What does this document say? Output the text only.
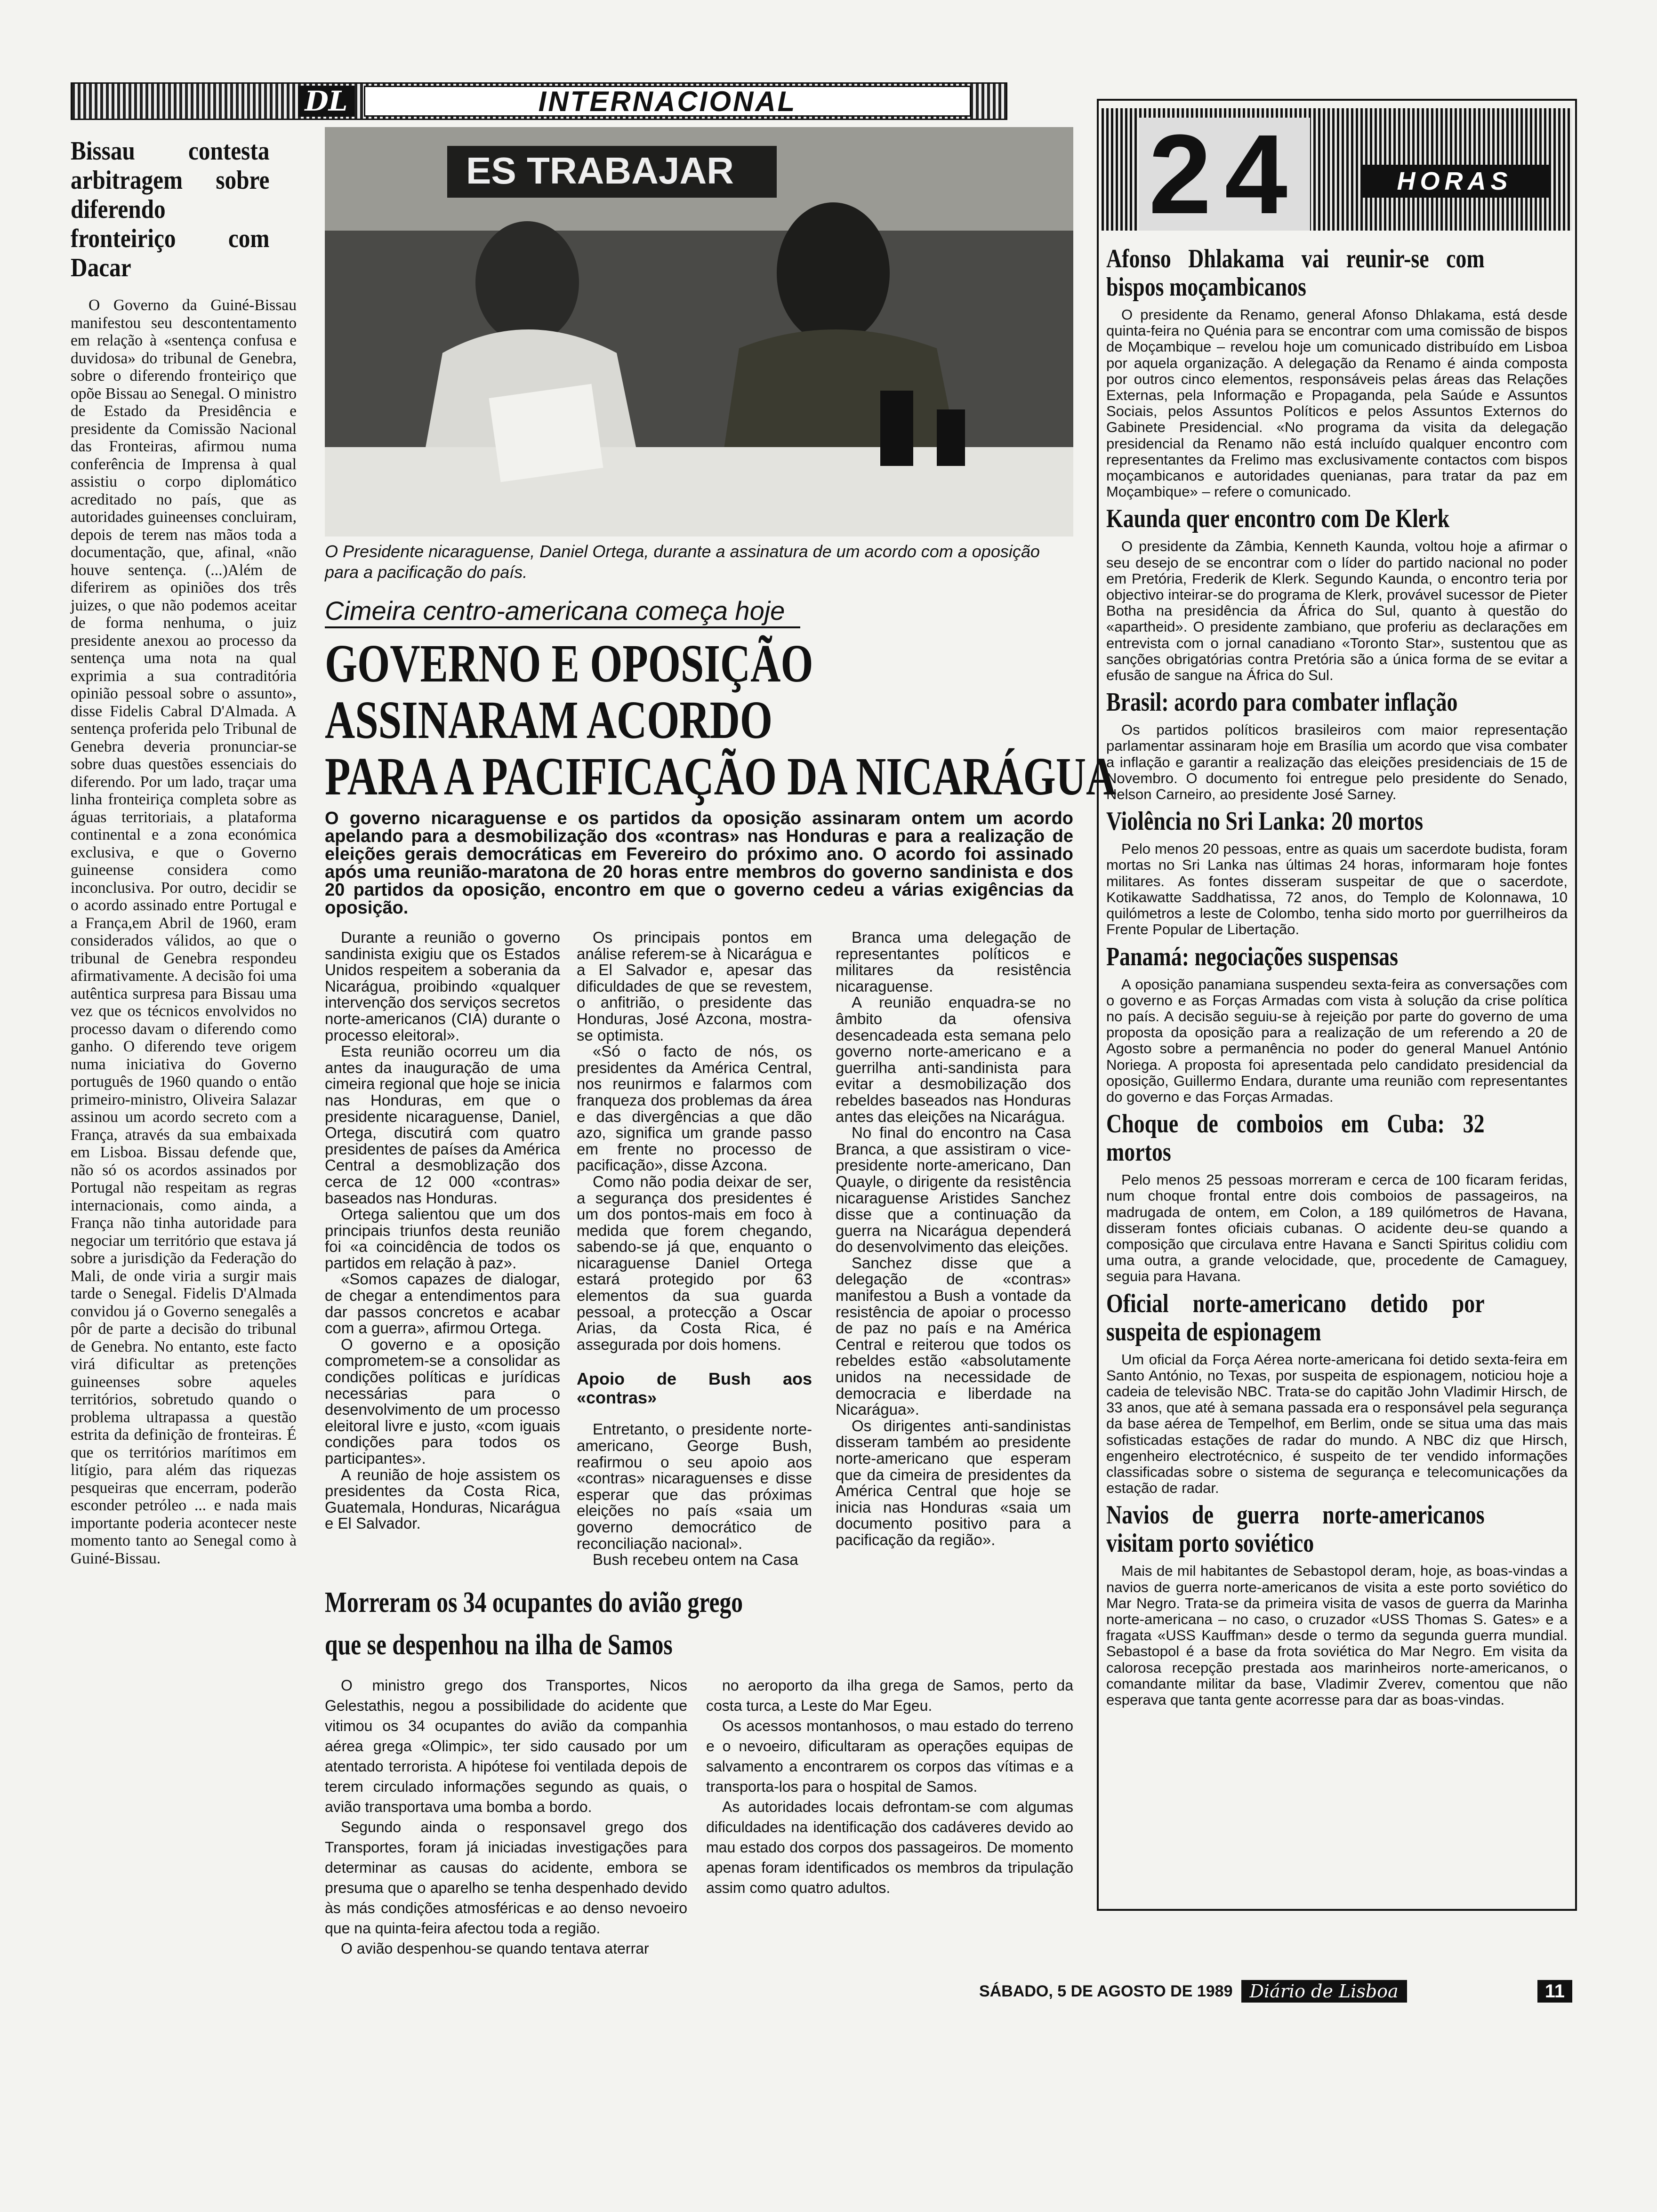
DL	INTERNACIONAL
Bissau contesta arbitragem sobre diferendo fronteiriço com Dacar

O Governo da Guiné-Bissau manifestou seu descontentamento em relação à «sentença confusa e duvidosa» do tribunal de Genebra, sobre o diferendo fronteiriço que opõe Bissau ao Senegal. O ministro de Estado da Presidência e presidente da Comissão Nacional das Fronteiras, afirmou numa conferência de Imprensa à qual assistiu o corpo diplomático acreditado no país, que as autoridades guineenses concluiram, depois de terem nas mãos toda a documentação, que, afinal, «não houve sentença. (...)Além de diferirem as opiniões dos três juizes, o que não podemos aceitar de forma nenhuma, o juiz presidente anexou ao processo da sentença uma nota na qual exprimia a sua contraditória opinião pessoal sobre o assunto», disse Fidelis Cabral D'Almada. A sentença proferida pelo Tribunal de Genebra deveria pronunciar-se sobre duas questões essenciais do diferendo. Por um lado, traçar uma linha fronteiriça completa sobre as águas territoriais, a plataforma continental e a zona económica exclusiva, e que o Governo guineense considera como inconclusiva. Por outro, decidir se o acordo assinado entre Portugal e a França,em Abril de 1960, eram considerados válidos, ao que o tribunal de Genebra respondeu afirmativamente. A decisão foi uma autêntica surpresa para Bissau uma vez que os técnicos envolvidos no processo davam o diferendo como ganho. O diferendo teve origem numa iniciativa do Governo português de 1960 quando o então primeiro-ministro, Oliveira Salazar assinou um acordo secreto com a França, através da sua embaixada em Lisboa. Bissau defende que, não só os acordos assinados por Portugal não respeitam as regras internacionais, como ainda, a França não tinha autoridade para negociar um território que estava já sobre a jurisdição da Federação do Mali, de onde viria a surgir mais tarde o Senegal. Fidelis D'Almada convidou já o Governo senegalês a pôr de parte a decisão do tribunal de Genebra. No entanto, este facto virá dificultar as pretenções guineenses sobre aqueles territórios, sobretudo quando o problema ultrapassa a questão estrita da definição de fronteiras. É que os territórios marítimos em litígio, para além das riquezas pesqueiras que encerram, poderão esconder petróleo ... e nada mais importante poderia acontecer neste momento tanto ao Senegal como à Guiné-Bissau.

ES TRABAJAR
O Presidente nicaraguense, Daniel Ortega, durante a assinatura de um acordo com a oposição para a pacificação do país.
Cimeira centro-americana começa hoje
GOVERNO E OPOSIÇÃO
ASSINARAM ACORDO
PARA A PACIFICAÇÃO DA NICARÁGUA
O governo nicaraguense e os partidos da oposição assinaram ontem um acordo apelando para a desmobilização dos «contras» nas Honduras e para a realização de eleições gerais democráticas em Fevereiro do próximo ano. O acordo foi assinado após uma reunião-maratona de 20 horas entre membros do governo sandinista e dos 20 partidos da oposição, encontro em que o governo cedeu a várias exigências da oposição.

Durante a reunião o governo sandinista exigiu que os Estados Unidos respeitem a soberania da Nicarágua, proibindo «qualquer intervenção dos serviços secretos norte-americanos (CIA) durante o processo eleitoral».

Esta reunião ocorreu um dia antes da inauguração de uma cimeira regional que hoje se inicia nas Honduras, em que o presidente nicaraguense, Daniel, Ortega, discutirá com quatro presidentes de países da América Central a desmoblização dos cerca de 12 000 «contras» baseados nas Honduras.

Ortega salientou que um dos principais triunfos desta reunião foi «a coincidência de todos os partidos em relação à paz».

«Somos capazes de dialogar, de chegar a entendimentos para dar passos concretos e acabar com a guerra», afirmou Ortega.

O governo e a oposição comprometem-se a consolidar as condições políticas e jurídicas necessárias para o desenvolvimento de um processo eleitoral livre e justo, «com iguais condições para todos os participantes».

A reunião de hoje assistem os presidentes da Costa Rica, Guatemala, Honduras, Nicarágua e El Salvador.

Os principais pontos em análise referem-se à Nicarágua e a El Salvador e, apesar das dificuldades de que se revestem, o anfitrião, o presidente das Honduras, José Azcona, mostra-se optimista.

«Só o facto de nós, os presidentes da América Central, nos reunirmos e falarmos com franqueza dos problemas da área e das divergências a que dão azo, significa um grande passo em frente no processo de pacificação», disse Azcona.

Como não podia deixar de ser, a segurança dos presidentes é um dos pontos-mais em foco à medida que forem chegando, sabendo-se já que, enquanto o nicaraguense Daniel Ortega estará protegido por 63 elementos da sua guarda pessoal, a protecção a Oscar Arias, da Costa Rica, é assegurada por dois homens.

Apoio de Bush aos «contras»

Entretanto, o presidente norte-americano, George Bush, reafirmou o seu apoio aos «contras» nicaraguenses e disse esperar que das próximas eleições no país «saia um governo democrático de reconciliação nacional».

Bush recebeu ontem na Casa

Branca uma delegação de representantes políticos e militares da resistência nicaraguense.

A reunião enquadra-se no âmbito da ofensiva desencadeada esta semana pelo governo norte-americano e a guerrilha anti-sandinista para evitar a desmobilização dos rebeldes baseados nas Honduras antes das eleições na Nicarágua.

No final do encontro na Casa Branca, a que assistiram o vice-presidente norte-americano, Dan Quayle, o dirigente da resistência nicaraguense Aristides Sanchez disse que a continuação da guerra na Nicarágua dependerá do desenvolvimento das eleições.

Sanchez disse que a delegação de «contras» manifestou a Bush a vontade da resistência de apoiar o processo de paz no país e na América Central e reiterou que todos os rebeldes estão «absolutamente unidos na necessidade de democracia e liberdade na Nicarágua».

Os dirigentes anti-sandinistas disseram também ao presidente norte-americano que esperam que da cimeira de presidentes da América Central que hoje se inicia nas Honduras «saia um documento positivo para a pacificação da região».

Morreram os 34 ocupantes do avião grego
que se despenhou na ilha de Samos

O ministro grego dos Transportes, Nicos Gelestathis, negou a possibilidade do acidente que vitimou os 34 ocupantes do avião da companhia aérea grega «Olimpic», ter sido causado por um atentado terrorista. A hipótese foi ventilada depois de terem circulado informações segundo as quais, o avião transportava uma bomba a bordo.

Segundo ainda o responsavel grego dos Transportes, foram já iniciadas investigações para determinar as causas do acidente, embora se presuma que o aparelho se tenha despenhado devido às más condições atmosféricas e ao denso nevoeiro que na quinta-feira afectou toda a região.

O avião despenhou-se quando tentava aterrar

no aeroporto da ilha grega de Samos, perto da costa turca, a Leste do Mar Egeu.

Os acessos montanhosos, o mau estado do terreno e o nevoeiro, dificultaram as operações equipas de salvamento a encontrarem os corpos das vítimas e a transporta-los para o hospital de Samos.

As autoridades locais defrontam-se com algumas dificuldades na identificação dos cadáveres devido ao mau estado dos corpos dos passageiros. De momento apenas foram identificados os membros da tripulação assim como quatro adultos.

24	HORAS
Afonso Dhlakama vai reunir-se com bispos moçambicanos

O presidente da Renamo, general Afonso Dhlakama, está desde quinta-feira no Quénia para se encontrar com uma comissão de bispos de Moçambique – revelou hoje um comunicado distribuído em Lisboa por aquela organização. A delegação da Renamo é ainda composta por outros cinco elementos, responsáveis pelas áreas das Relações Externas, pela Informação e Propaganda, pela Saúde e Assuntos Sociais, pelos Assuntos Políticos e pelos Assuntos Externos do Gabinete Presidencial. «No programa da visita da delegação presidencial da Renamo não está incluído qualquer encontro com representantes da Frelimo mas exclusivamente contactos com bispos moçambicanos e autoridades quenianas, para tratar da paz em Moçambique» – refere o comunicado.

Kaunda quer encontro com De Klerk

O presidente da Zâmbia, Kenneth Kaunda, voltou hoje a afirmar o seu desejo de se encontrar com o líder do partido nacional no poder em Pretória, Frederik de Klerk. Segundo Kaunda, o encontro teria por objectivo inteirar-se do programa de Klerk, provável sucessor de Pieter Botha na presidência da África do Sul, quanto à questão do «apartheid». O presidente zambiano, que proferiu as declarações em entrevista com o jornal canadiano «Toronto Star», sustentou que as sanções obrigatórias contra Pretória são a única forma de se evitar a efusão de sangue na África do Sul.

Brasil: acordo para combater inflação

Os partidos políticos brasileiros com maior representação parlamentar assinaram hoje em Brasília um acordo que visa combater a inflação e garantir a realização das eleições presidenciais de 15 de Novembro. O documento foi entregue pelo presidente do Senado, Nelson Carneiro, ao presidente José Sarney.

Violência no Sri Lanka: 20 mortos

Pelo menos 20 pessoas, entre as quais um sacerdote budista, foram mortas no Sri Lanka nas últimas 24 horas, informaram hoje fontes militares. As fontes disseram suspeitar de que o sacerdote, Kotikawatte Saddhatissa, 72 anos, do Templo de Kolonnawa, 10 quilómetros a leste de Colombo, tenha sido morto por guerrilheiros da Frente Popular de Libertação.

Panamá: negociações suspensas

A oposição panamiana suspendeu sexta-feira as conversações com o governo e as Forças Armadas com vista à solução da crise política no país. A decisão seguiu-se à rejeição por parte do governo de uma proposta da oposição para a realização de um referendo a 20 de Agosto sobre a permanência no poder do general Manuel António Noriega. A proposta foi apresentada pelo candidato presidencial da oposição, Guillermo Endara, durante uma reunião com representantes do governo e das Forças Armadas.

Choque de comboios em Cuba: 32 mortos

Pelo menos 25 pessoas morreram e cerca de 100 ficaram feridas, num choque frontal entre dois comboios de passageiros, na madrugada de ontem, em Colon, a 189 quilómetros de Havana, disseram fontes oficiais cubanas. O acidente deu-se quando a composição que circulava entre Havana e Sancti Spiritus colidiu com uma outra, a grande velocidade, que, procedente de Camaguey, seguia para Havana.

Oficial norte-americano detido por suspeita de espionagem

Um oficial da Força Aérea norte-americana foi detido sexta-feira em Santo António, no Texas, por suspeita de espionagem, noticiou hoje a cadeia de televisão NBC. Trata-se do capitão John Vladimir Hirsch, de 33 anos, que até à semana passada era o responsável pela segurança da base aérea de Tempelhof, em Berlim, onde se situa uma das mais sofisticadas estações de radar do mundo. A NBC diz que Hirsch, engenheiro electrotécnico, é suspeito de ter vendido informações classificadas sobre o sistema de segurança e telecomunicações da estação de radar.

Navios de guerra norte-americanos visitam porto soviético

Mais de mil habitantes de Sebastopol deram, hoje, as boas-vindas a navios de guerra norte-americanos de visita a este porto soviético do Mar Negro. Trata-se da primeira visita de vasos de guerra da Marinha norte-americana – no caso, o cruzador «USS Thomas S. Gates» e a fragata «USS Kauffman» desde o termo da segunda guerra mundial. Sebastopol é a base da frota soviética do Mar Negro. Em visita da calorosa recepção prestada aos marinheiros norte-americanos, o comandante militar da base, Vladimir Zverev, comentou que não esperava que tanta gente acorresse para dar as boas-vindas.

SÁBADO, 5 DE AGOSTO DE 1989 Diário de Lisboa	11
